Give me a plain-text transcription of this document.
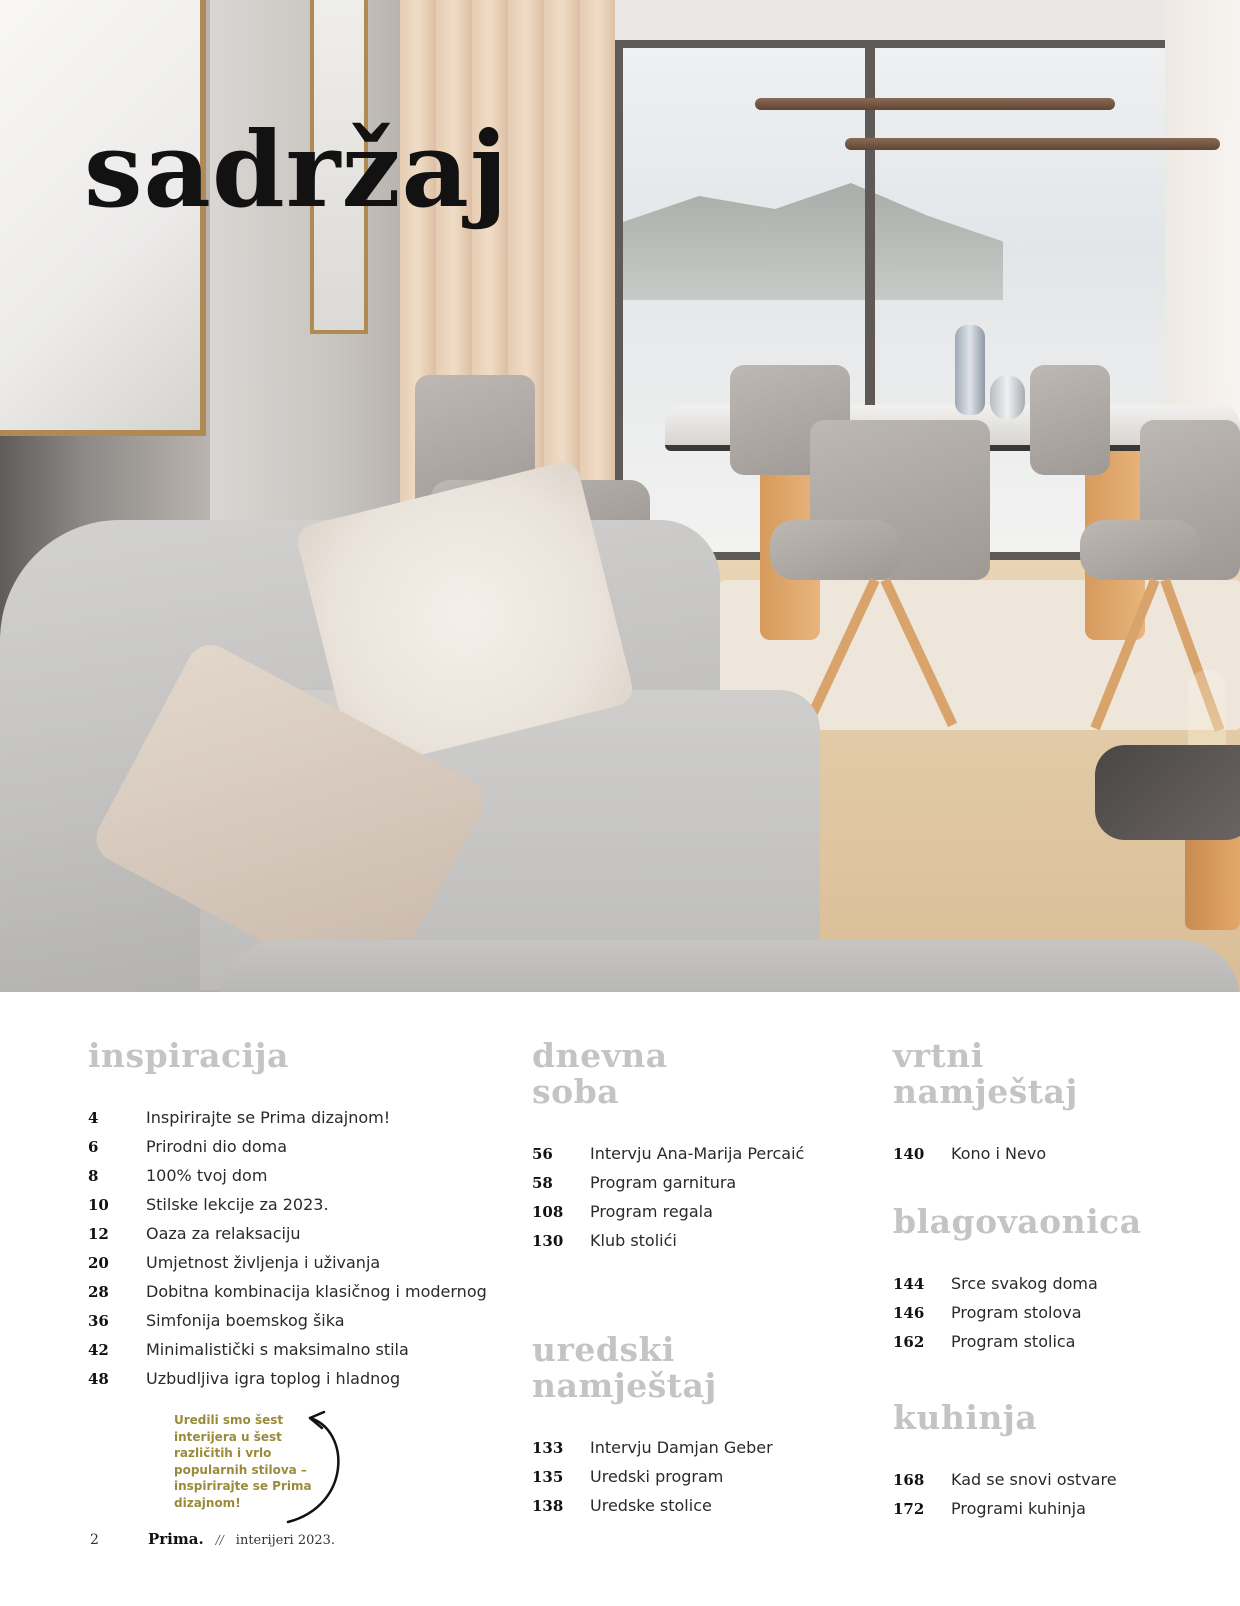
sadržaj
inspiracija
4	Inspirirajte se Prima dizajnom!
6	Prirodni dio doma
8	100% tvoj dom
10	Stilske lekcije za 2023.
12	Oaza za relaksaciju
20	Umjetnost življenja i uživanja
28	Dobitna kombinacija klasičnog i modernog
36	Simfonija boemskog šika
42	Minimalistički s maksimalno stila
48	Uzbudljiva igra toplog i hladnog
Uredili smo šest interijera u šest različitih i vrlo popularnih stilova – inspirirajte se Prima dizajnom!
dnevna
soba
56	Intervju Ana-Marija Percaić
58	Program garnitura
108	Program regala
130	Klub stolići
uredski
namještaj
133	Intervju Damjan Geber
135	Uredski program
138	Uredske stolice
vrtni
namještaj
140	Kono i Nevo
blagovaonica
144	Srce svakog doma
146	Program stolova
162	Program stolica
kuhinja
168	Kad se snovi ostvare
172	Programi kuhinja
2	Prima. // interijeri 2023.
